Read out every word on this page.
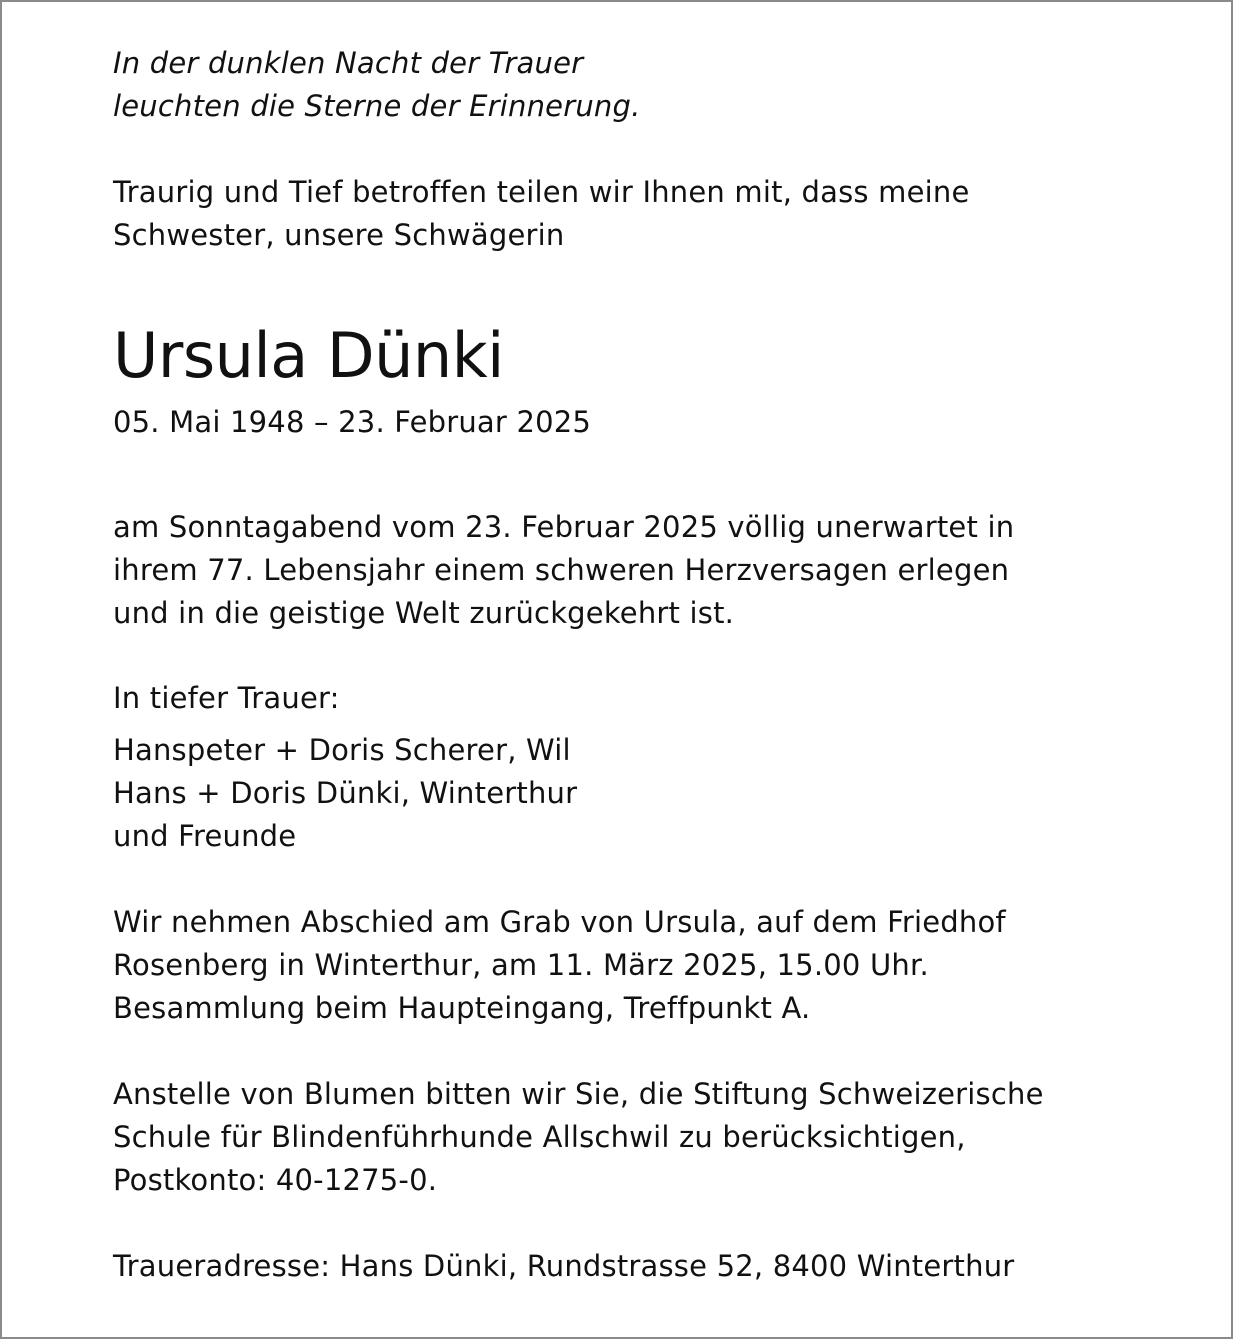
In der dunklen Nacht der Trauer
leuchten die Sterne der Erinnerung.
Traurig und Tief betroffen teilen wir Ihnen mit, dass meine
Schwester, unsere Schwägerin
Ursula Dünki
05. Mai 1948 – 23. Februar 2025
am Sonntagabend vom 23. Februar 2025 völlig unerwartet in
ihrem 77. Lebensjahr einem schweren Herzversagen erlegen
und in die geistige Welt zurückgekehrt ist.
In tiefer Trauer:
Hanspeter + Doris Scherer, Wil
Hans + Doris Dünki, Winterthur
und Freunde
Wir nehmen Abschied am Grab von Ursula, auf dem Friedhof
Rosenberg in Winterthur, am 11. März 2025, 15.00 Uhr.
Besammlung beim Haupteingang, Treffpunkt A.
Anstelle von Blumen bitten wir Sie, die Stiftung Schweizerische
Schule für Blindenführhunde Allschwil zu berücksichtigen,
Postkonto: 40-1275-0.
Traueradresse: Hans Dünki, Rundstrasse 52, 8400 Winterthur
